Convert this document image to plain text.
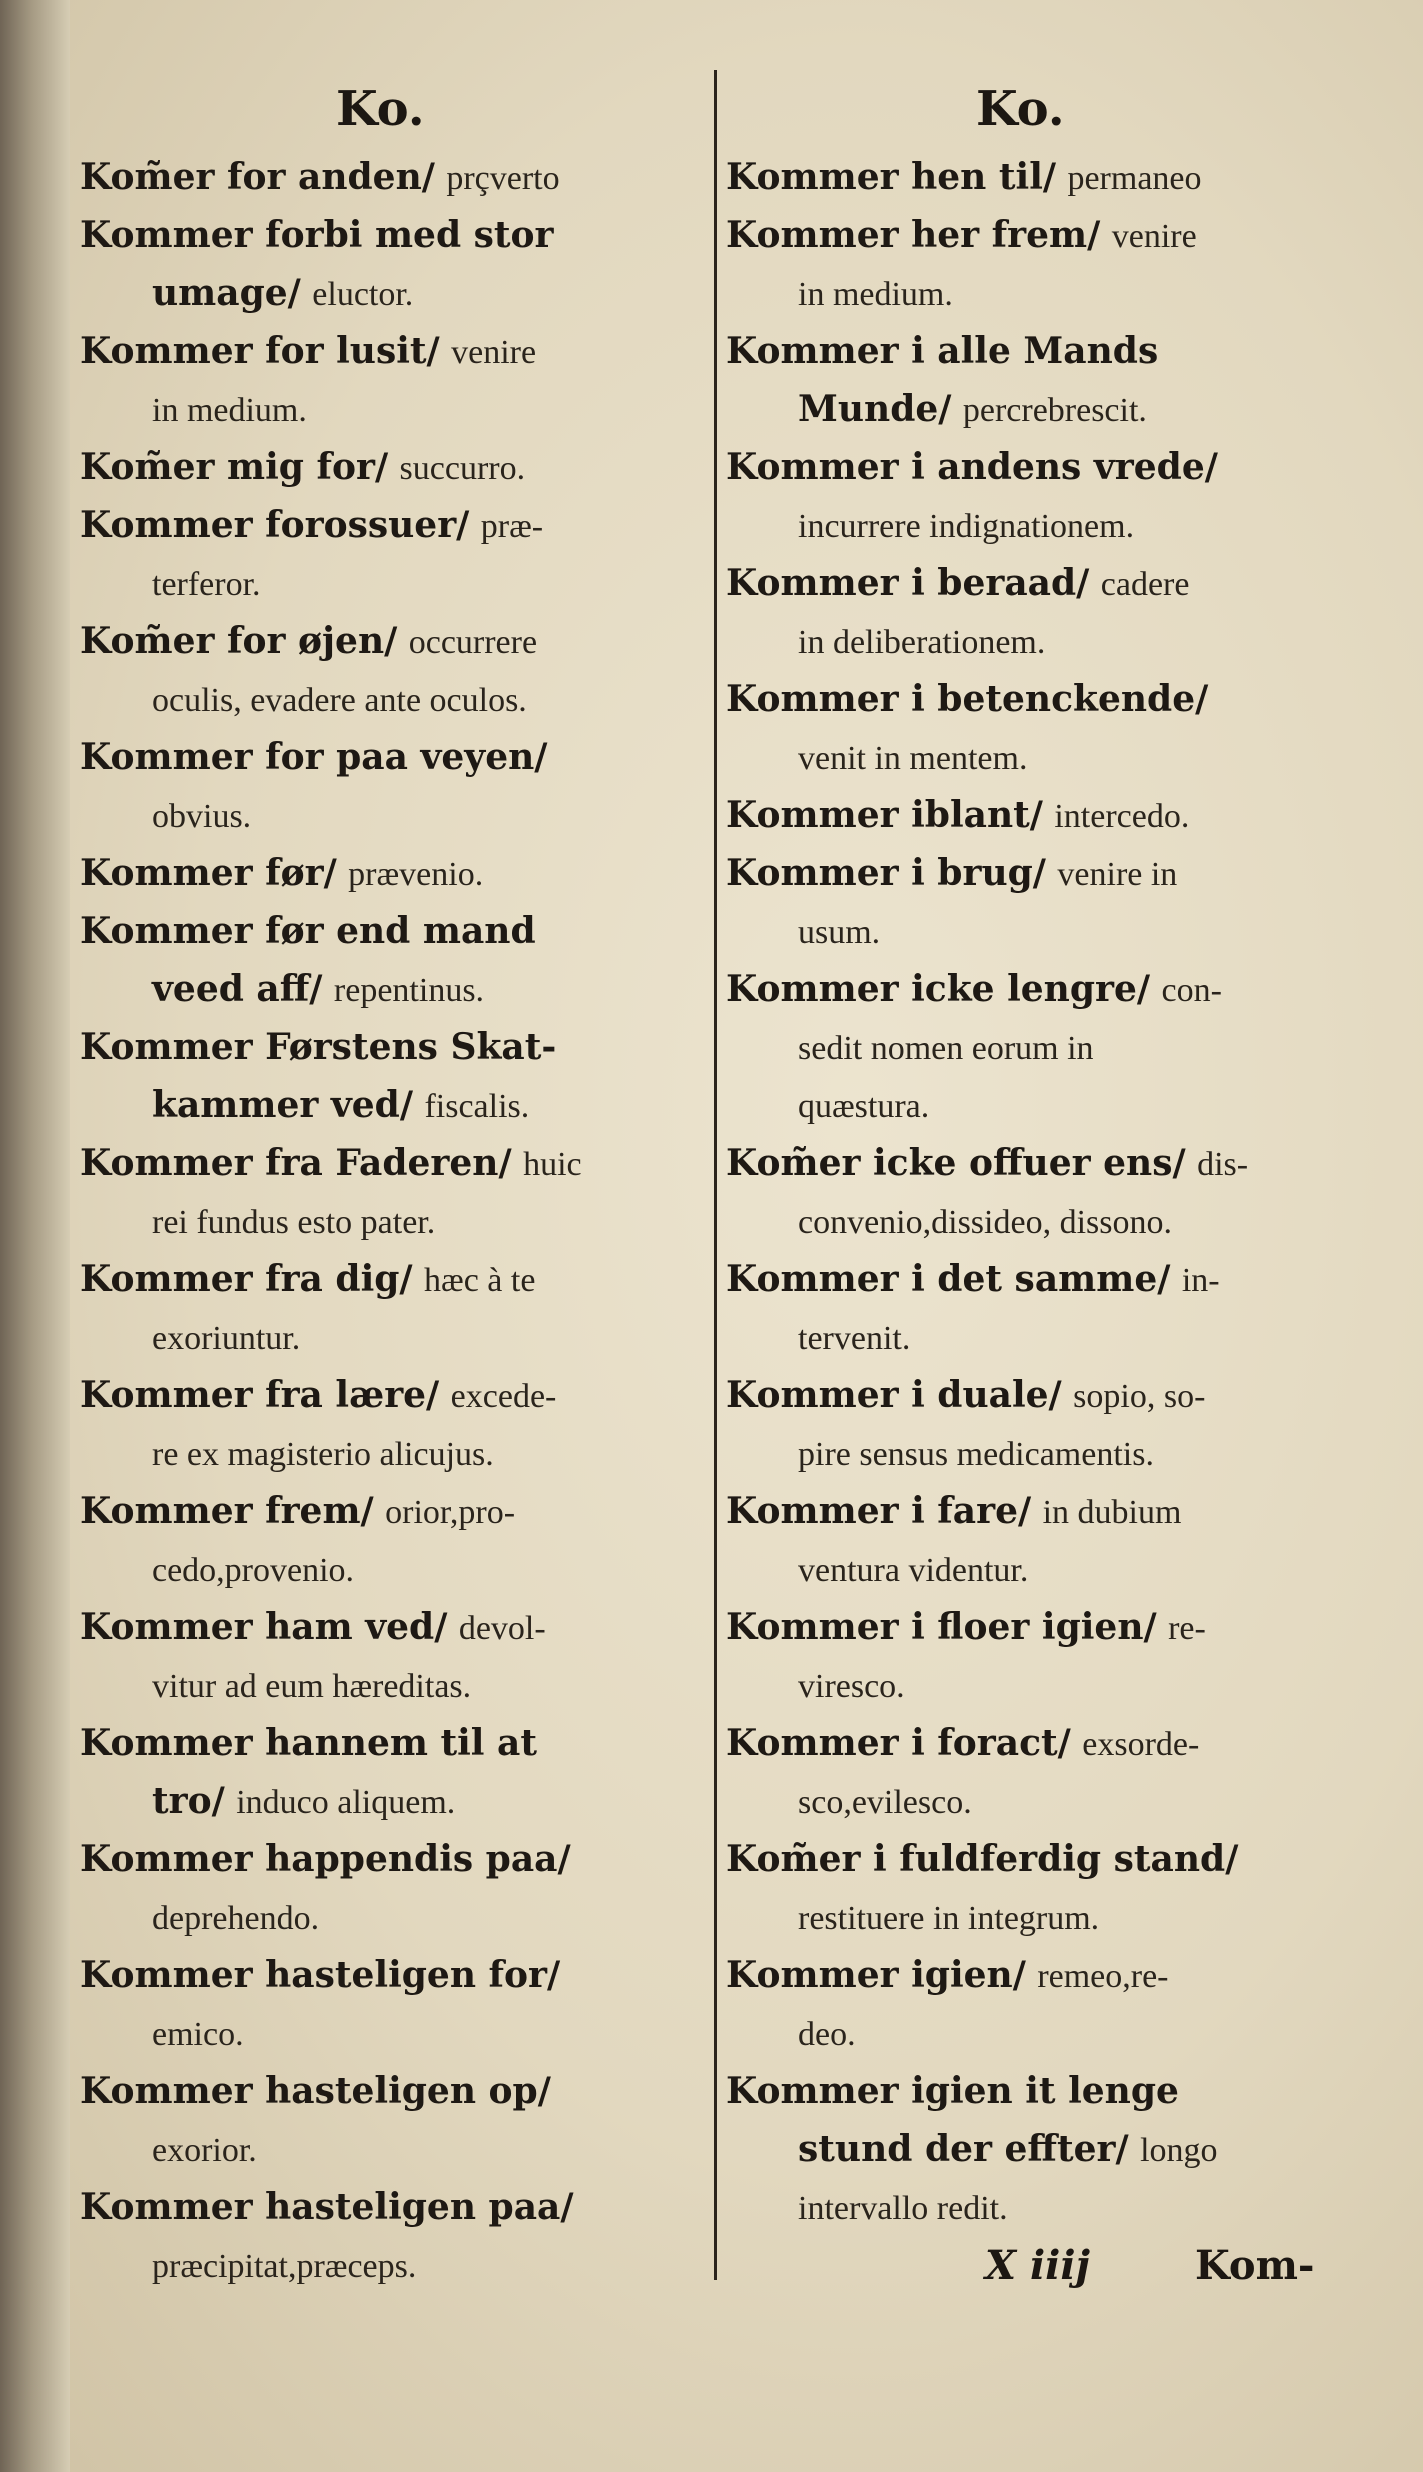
Ko.
Kom̃er for anden/ prçverto
Kommer forbi med stor
umage/ eluctor.
Kommer for lusit/ venire
in medium.
Kom̃er mig for/ succurro.
Kommer forossuer/ præ-
terferor.
Kom̃er for øjen/ occurrere
oculis, evadere ante oculos.
Kommer for paa veyen/
obvius.
Kommer før/ prævenio.
Kommer før end mand
veed aff/ repentinus.
Kommer Førstens Skat-
kammer ved/ fiscalis.
Kommer fra Faderen/ huic
rei fundus esto pater.
Kommer fra dig/ hæc à te
exoriuntur.
Kommer fra lære/ excede-
re ex magisterio alicujus.
Kommer frem/ orior,pro-
cedo,provenio.
Kommer ham ved/ devol-
vitur ad eum hæreditas.
Kommer hannem til at
tro/ induco aliquem.
Kommer happendis paa/
deprehendo.
Kommer hasteligen for/
emico.
Kommer hasteligen op/
exorior.
Kommer hasteligen paa/
præcipitat,præceps.
Ko.
Kommer hen til/ permaneo
Kommer her frem/ venire
in medium.
Kommer i alle Mands
Munde/ percrebrescit.
Kommer i andens vrede/
incurrere indignationem.
Kommer i beraad/ cadere
in deliberationem.
Kommer i betenckende/
venit in mentem.
Kommer iblant/ intercedo.
Kommer i brug/ venire in
usum.
Kommer icke lengre/ con-
sedit nomen eorum in
quæstura.
Kom̃er icke offuer ens/ dis-
convenio,dissideo, dissono.
Kommer i det samme/ in-
tervenit.
Kommer i duale/ sopio, so-
pire sensus medicamentis.
Kommer i fare/ in dubium
ventura videntur.
Kommer i floer igien/ re-
viresco.
Kommer i foract/ exsorde-
sco,evilesco.
Kom̃er i fuldferdig stand/
restituere in integrum.
Kommer igien/ remeo,re-
deo.
Kommer igien it lenge
stund der effter/ longo
intervallo redit.
X iiij	Kom-
